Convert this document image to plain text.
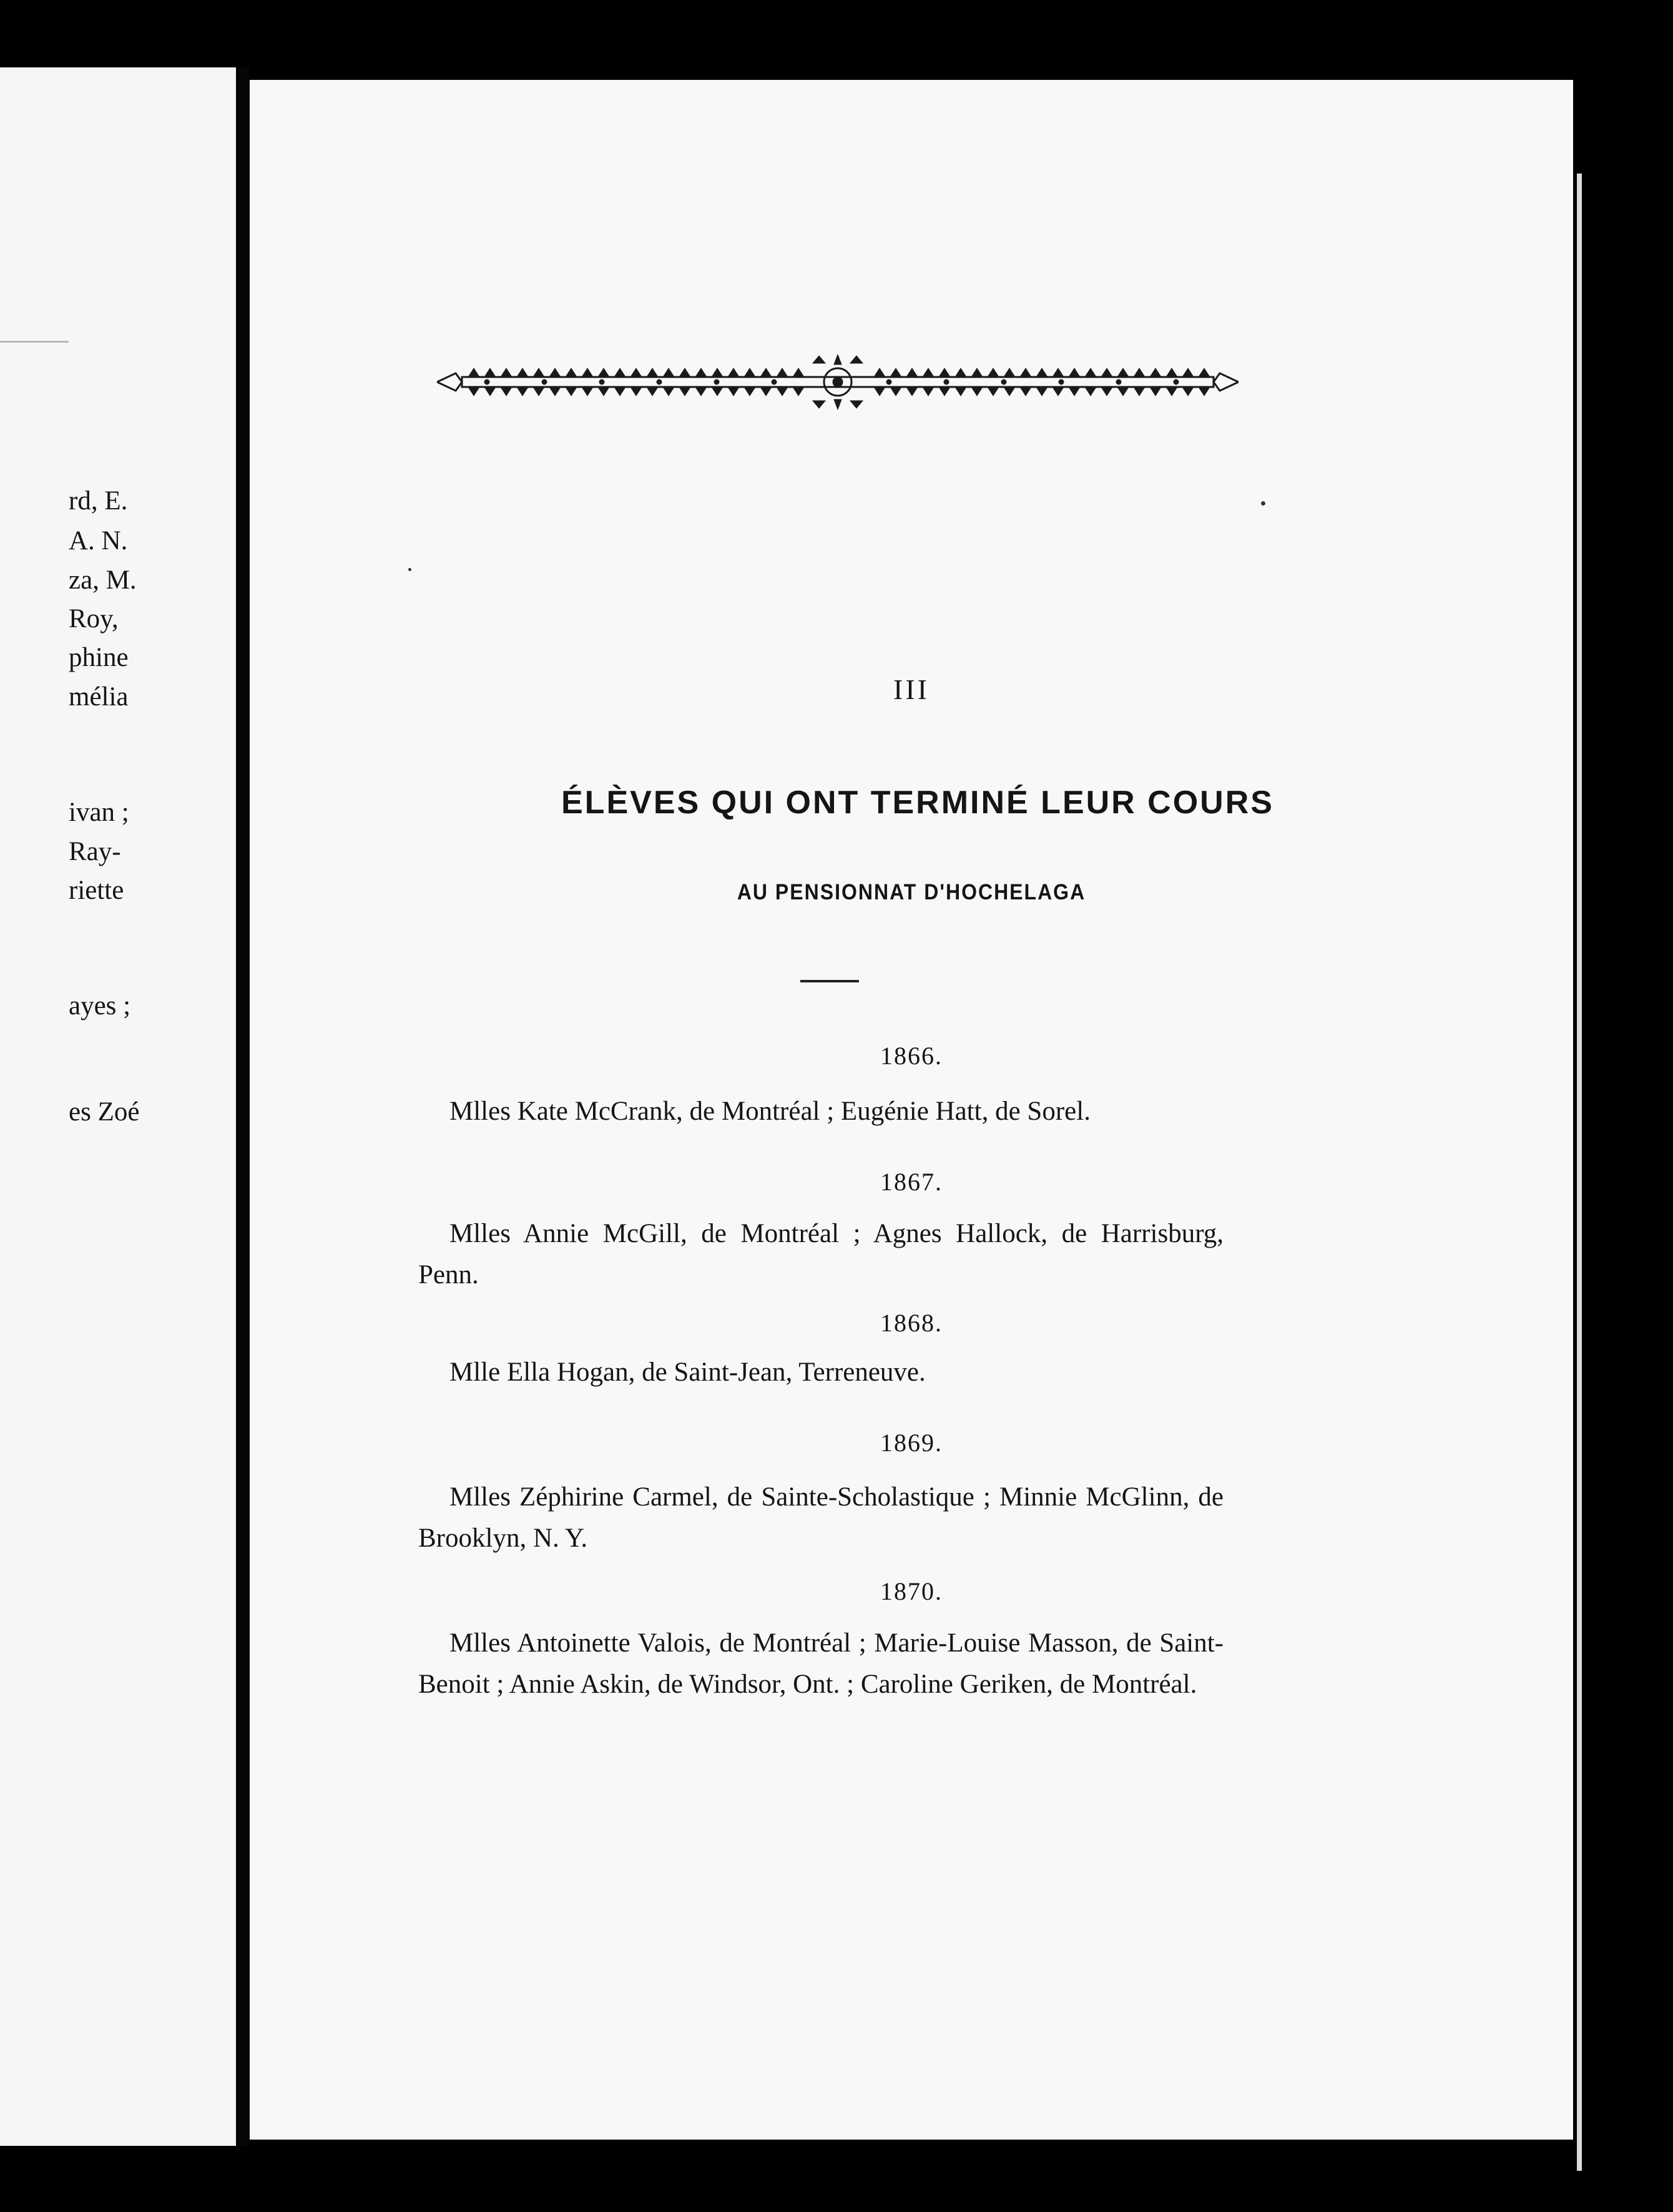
rd, E.
A. N.
za, M.
Roy,
phine
mélia
ivan ;
Ray-
riette
ayes ;
es Zoé
III
ÉLÈVES QUI ONT TERMINÉ LEUR COURS
AU PENSIONNAT D'HOCHELAGA
1866.
Mlles Kate McCrank, de Montréal ; Eugénie Hatt, de Sorel.
1867.
Mlles Annie McGill, de Montréal ; Agnes Hallock, de Harrisburg, Penn.
1868.
Mlle Ella Hogan, de Saint-Jean, Terreneuve.
1869.
Mlles Zéphirine Carmel, de Sainte-Scholastique ; Minnie McGlinn, de Brooklyn, N. Y.
1870.
Mlles Antoinette Valois, de Montréal ; Marie-Louise Masson, de Saint-Benoit ; Annie Askin, de Windsor, Ont. ; Caroline Geriken, de Montréal.
